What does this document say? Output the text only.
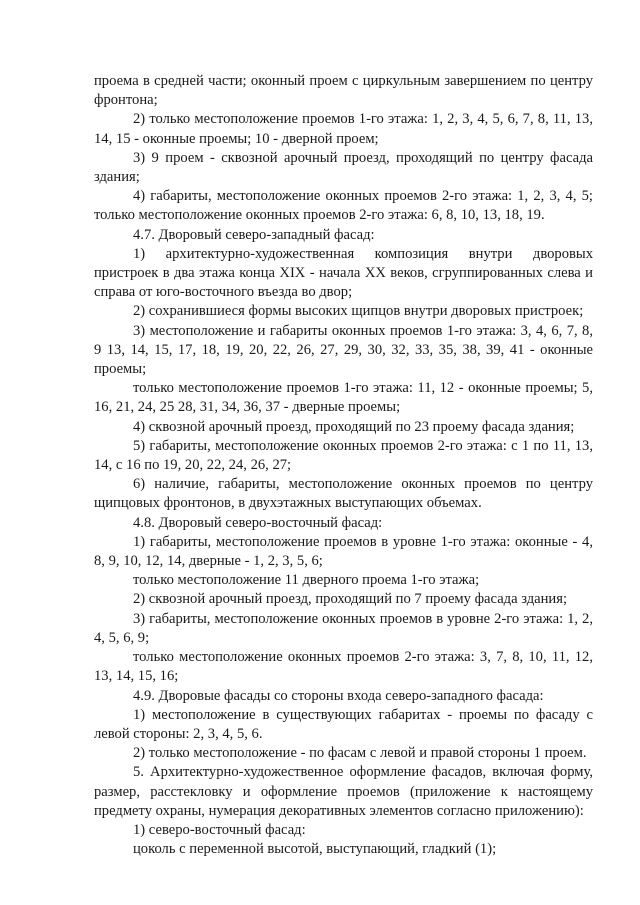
проема в средней части; оконный проем с циркульным завершением по центру фронтона;

2) только местоположение проемов 1-го этажа: 1, 2, 3, 4, 5, 6, 7, 8, 11, 13, 14, 15 - оконные проемы; 10 - дверной проем;

3) 9 проем - сквозной арочный проезд, проходящий по центру фасада здания;

4) габариты, местоположение оконных проемов 2-го этажа: 1, 2, 3, 4, 5; только местоположение оконных проемов 2-го этажа: 6, 8, 10, 13, 18, 19.

4.7. Дворовый северо-западный фасад:

1) архитектурно-художественная композиция внутри дворовых пристроек в два этажа конца XIX - начала XX веков, сгруппированных слева и справа от юго-восточного въезда во двор;

2) сохранившиеся формы высоких щипцов внутри дворовых пристроек;

3) местоположение и габариты оконных проемов 1-го этажа: 3, 4, 6, 7, 8, 9 13, 14, 15, 17, 18, 19, 20, 22, 26, 27, 29, 30, 32, 33, 35, 38, 39, 41 - оконные проемы;

только местоположение проемов 1-го этажа: 11, 12 - оконные проемы; 5, 16, 21, 24, 25 28, 31, 34, 36, 37 - дверные проемы;

4) сквозной арочный проезд, проходящий по 23 проему фасада здания;

5) габариты, местоположение оконных проемов 2-го этажа: с 1 по 11, 13, 14, с 16 по 19, 20, 22, 24, 26, 27;

6) наличие, габариты, местоположение оконных проемов по центру щипцовых фронтонов, в двухэтажных выступающих объемах.

4.8. Дворовый северо-восточный фасад:

1) габариты, местоположение проемов в уровне 1-го этажа: оконные - 4, 8, 9, 10, 12, 14, дверные - 1, 2, 3, 5, 6;

только местоположение 11 дверного проема 1-го этажа;

2) сквозной арочный проезд, проходящий по 7 проему фасада здания;

3) габариты, местоположение оконных проемов в уровне 2-го этажа: 1, 2, 4, 5, 6, 9;

только местоположение оконных проемов 2-го этажа: 3, 7, 8, 10, 11, 12, 13, 14, 15, 16;

4.9. Дворовые фасады со стороны входа северо-западного фасада:

1) местоположение в существующих габаритах - проемы по фасаду с левой стороны: 2, 3, 4, 5, 6.

2) только местоположение - по фасам с левой и правой стороны 1 проем.

5. Архитектурно-художественное оформление фасадов, включая форму, размер, расстекловку и оформление проемов (приложение к настоящему предмету охраны, нумерация декоративных элементов согласно приложению):

1) северо-восточный фасад:

цоколь с переменной высотой, выступающий, гладкий (1);
